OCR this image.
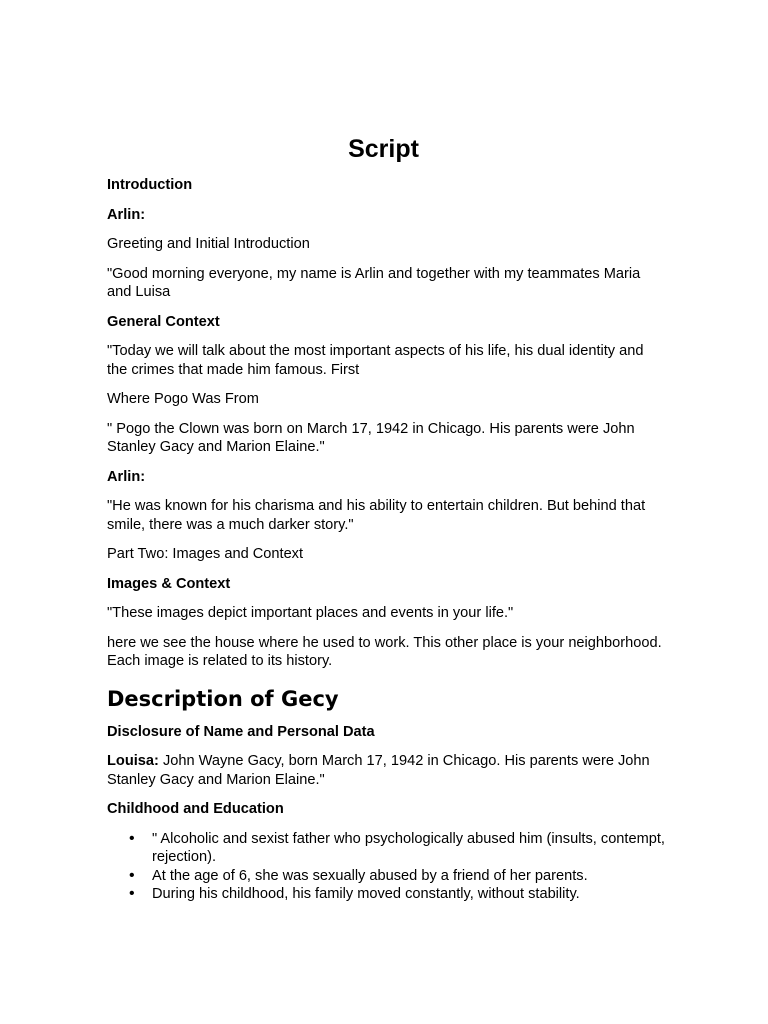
Script

Introduction

Arlin:

Greeting and Initial Introduction

"Good morning everyone, my name is Arlin and together with my teammates Maria and Luisa

General Context

"Today we will talk about the most important aspects of his life, his dual identity and the crimes that made him famous. First

Where Pogo Was From

" Pogo the Clown was born on March 17, 1942 in Chicago. His parents were John Stanley Gacy and Marion Elaine."

Arlin:

"He was known for his charisma and his ability to entertain children. But behind that smile, there was a much darker story."

Part Two: Images and Context

Images & Context

"These images depict important places and events in your life."

here we see the house where he used to work. This other place is your neighborhood. Each image is related to its history.

Description of Gecy

Disclosure of Name and Personal Data

Louisa: John Wayne Gacy, born March 17, 1942 in Chicago. His parents were John Stanley Gacy and Marion Elaine."

Childhood and Education

• " Alcoholic and sexist father who psychologically abused him (insults, contempt, rejection).
• At the age of 6, she was sexually abused by a friend of her parents.
• During his childhood, his family moved constantly, without stability.
